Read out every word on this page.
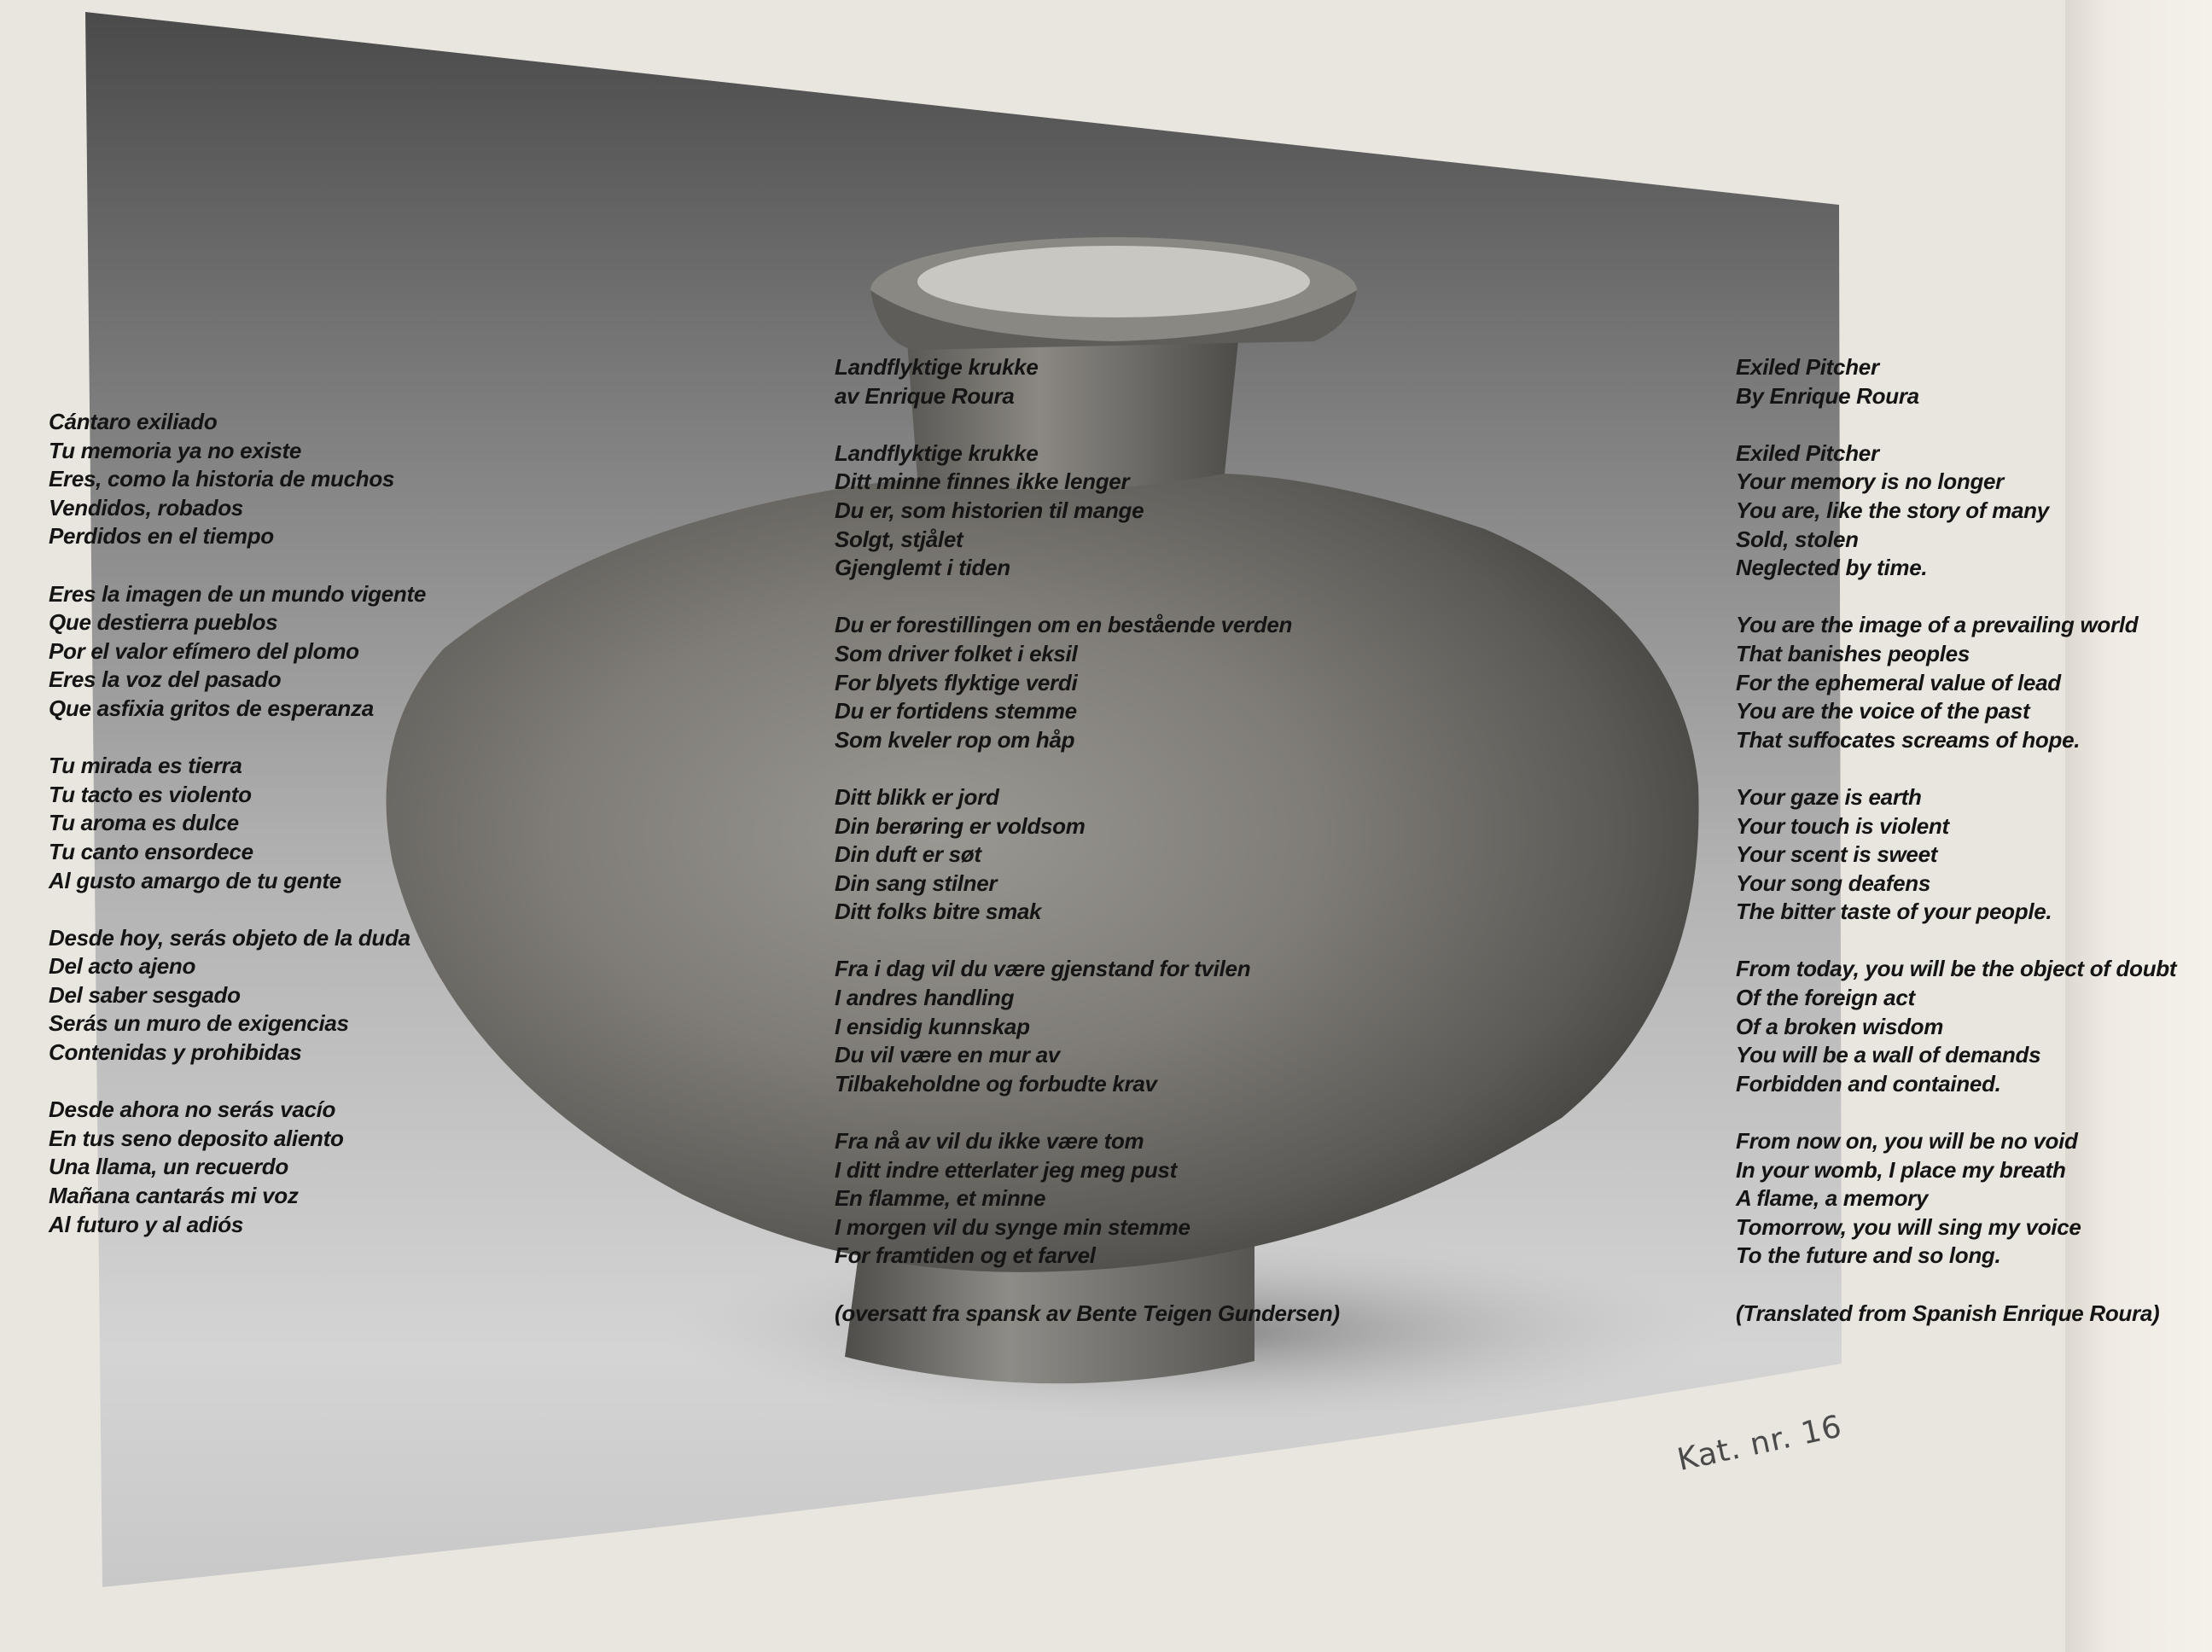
Cántaro exiliado
Tu memoria ya no existe
Eres, como la historia de muchos
Vendidos, robados
Perdidos en el tiempo
Eres la imagen de un mundo vigente
Que destierra pueblos
Por el valor efímero del plomo
Eres la voz del pasado
Que asfixia gritos de esperanza
Tu mirada es tierra
Tu tacto es violento
Tu aroma es dulce
Tu canto ensordece
Al gusto amargo de tu gente
Desde hoy, serás objeto de la duda
Del acto ajeno
Del saber sesgado
Serás un muro de exigencias
Contenidas y prohibidas
Desde ahora no serás vacío
En tus seno deposito aliento
Una llama, un recuerdo
Mañana cantarás mi voz
Al futuro y al adiós
Landflyktige krukke
av Enrique Roura
Landflyktige krukke
Ditt minne finnes ikke lenger
Du er, som historien til mange
Solgt, stjålet
Gjenglemt i tiden
Du er forestillingen om en bestående verden
Som driver folket i eksil
For blyets flyktige verdi
Du er fortidens stemme
Som kveler rop om håp
Ditt blikk er jord
Din berøring er voldsom
Din duft er søt
Din sang stilner
Ditt folks bitre smak
Fra i dag vil du være gjenstand for tvilen
I andres handling
I ensidig kunnskap
Du vil være en mur av
Tilbakeholdne og forbudte krav
Fra nå av vil du ikke være tom
I ditt indre etterlater jeg meg pust
En flamme, et minne
I morgen vil du synge min stemme
For framtiden og et farvel
(oversatt fra spansk av Bente Teigen Gundersen)
Exiled Pitcher
By Enrique Roura
Exiled Pitcher
Your memory is no longer
You are, like the story of many
Sold, stolen
Neglected by time.
You are the image of a prevailing world
That banishes peoples
For the ephemeral value of lead
You are the voice of the past
That suffocates screams of hope.
Your gaze is earth
Your touch is violent
Your scent is sweet
Your song deafens
The bitter taste of your people.
From today, you will be the object of doubt
Of the foreign act
Of a broken wisdom
You will be a wall of demands
Forbidden and contained.
From now on, you will be no void
In your womb, I place my breath
A flame, a memory
Tomorrow, you will sing my voice
To the future and so long.
(Translated from Spanish Enrique Roura)
Kat. nr. 16
